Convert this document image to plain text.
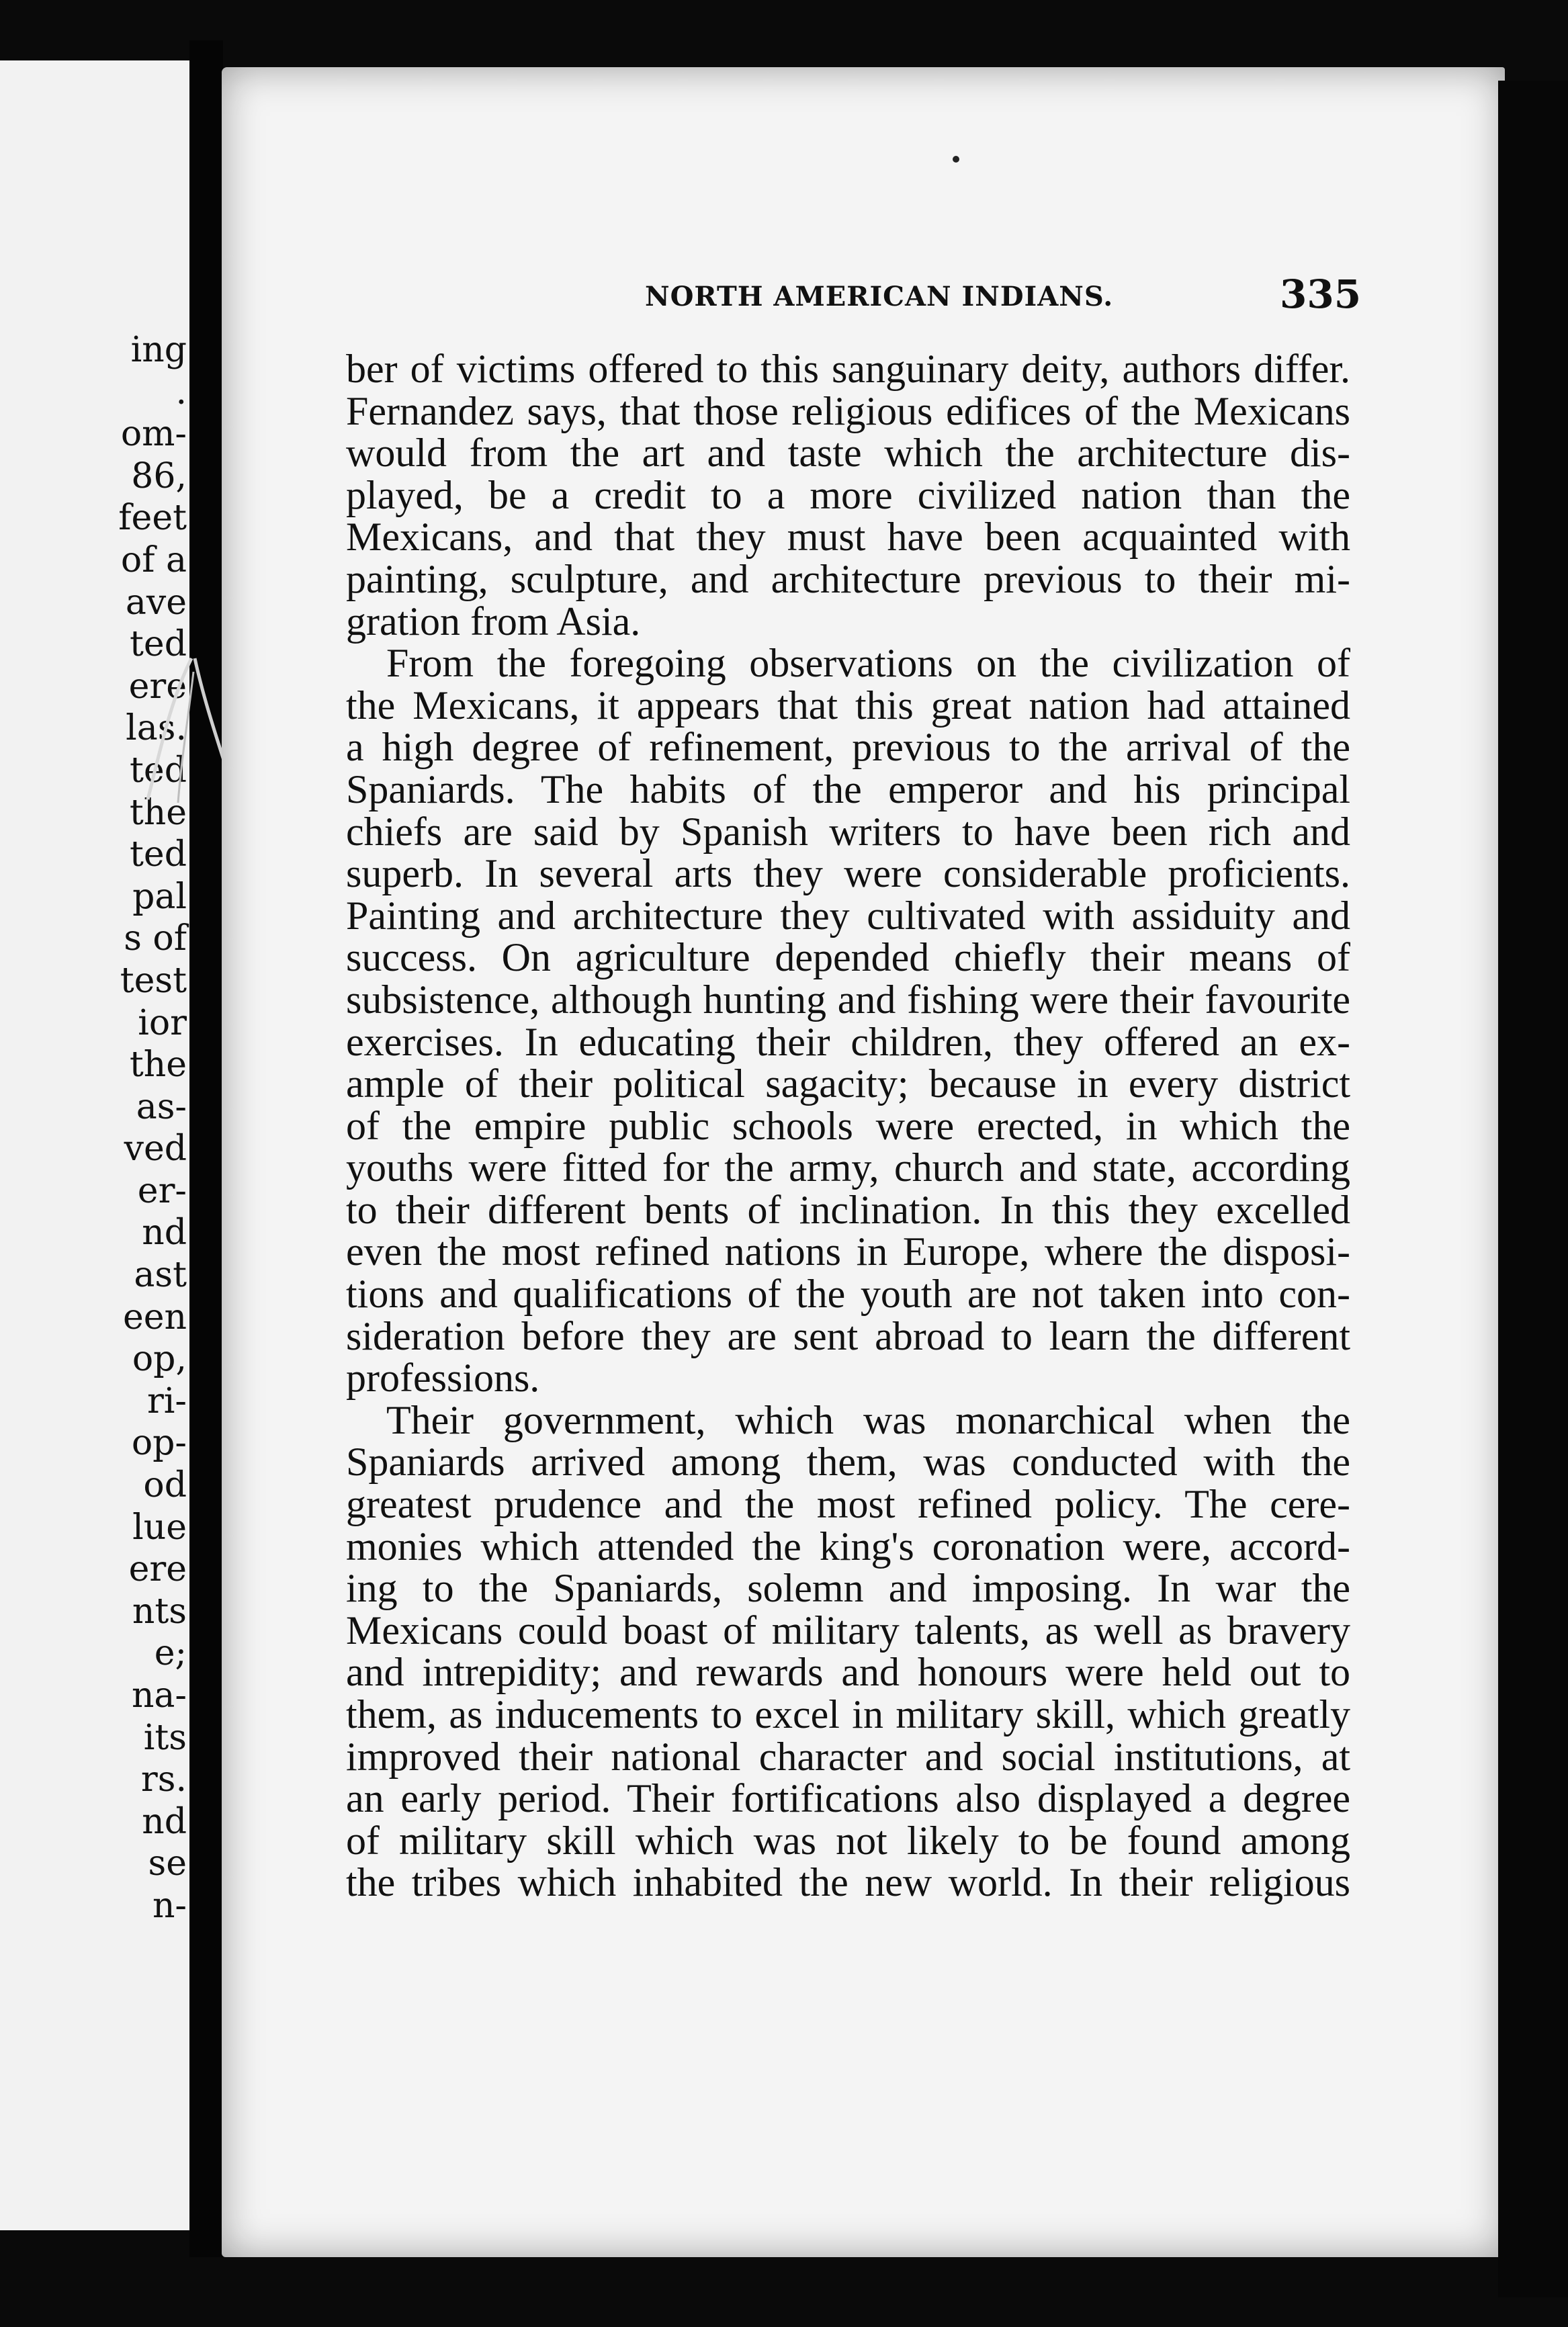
ing
.
om-
86,
feet
of a
ave
ted
ere
las.
ted
the
ted
pal
s of
test
ior
the
as-
ved
er-
nd
ast
een
op,
ri-
op-
od
lue
ere
nts
e;
na-
its
rs.
nd
se
n-
NORTH AMERICAN INDIANS.	335
ber of victims offered to this sanguinary deity, authors differ.
Fernandez says, that those religious edifices of the Mexicans
would from the art and taste which the architecture dis-
played, be a credit to a more civilized nation than the
Mexicans, and that they must have been acquainted with
painting, sculpture, and architecture previous to their mi-
gration from Asia.
From the foregoing observations on the civilization of
the Mexicans, it appears that this great nation had attained
a high degree of refinement, previous to the arrival of the
Spaniards. The habits of the emperor and his principal
chiefs are said by Spanish writers to have been rich and
superb. In several arts they were considerable proficients.
Painting and architecture they cultivated with assiduity and
success. On agriculture depended chiefly their means of
subsistence, although hunting and fishing were their favourite
exercises. In educating their children, they offered an ex-
ample of their political sagacity; because in every district
of the empire public schools were erected, in which the
youths were fitted for the army, church and state, according
to their different bents of inclination. In this they excelled
even the most refined nations in Europe, where the disposi-
tions and qualifications of the youth are not taken into con-
sideration before they are sent abroad to learn the different
professions.
Their government, which was monarchical when the
Spaniards arrived among them, was conducted with the
greatest prudence and the most refined policy. The cere-
monies which attended the king's coronation were, accord-
ing to the Spaniards, solemn and imposing. In war the
Mexicans could boast of military talents, as well as bravery
and intrepidity; and rewards and honours were held out to
them, as inducements to excel in military skill, which greatly
improved their national character and social institutions, at
an early period. Their fortifications also displayed a degree
of military skill which was not likely to be found among
the tribes which inhabited the new world. In their religious
